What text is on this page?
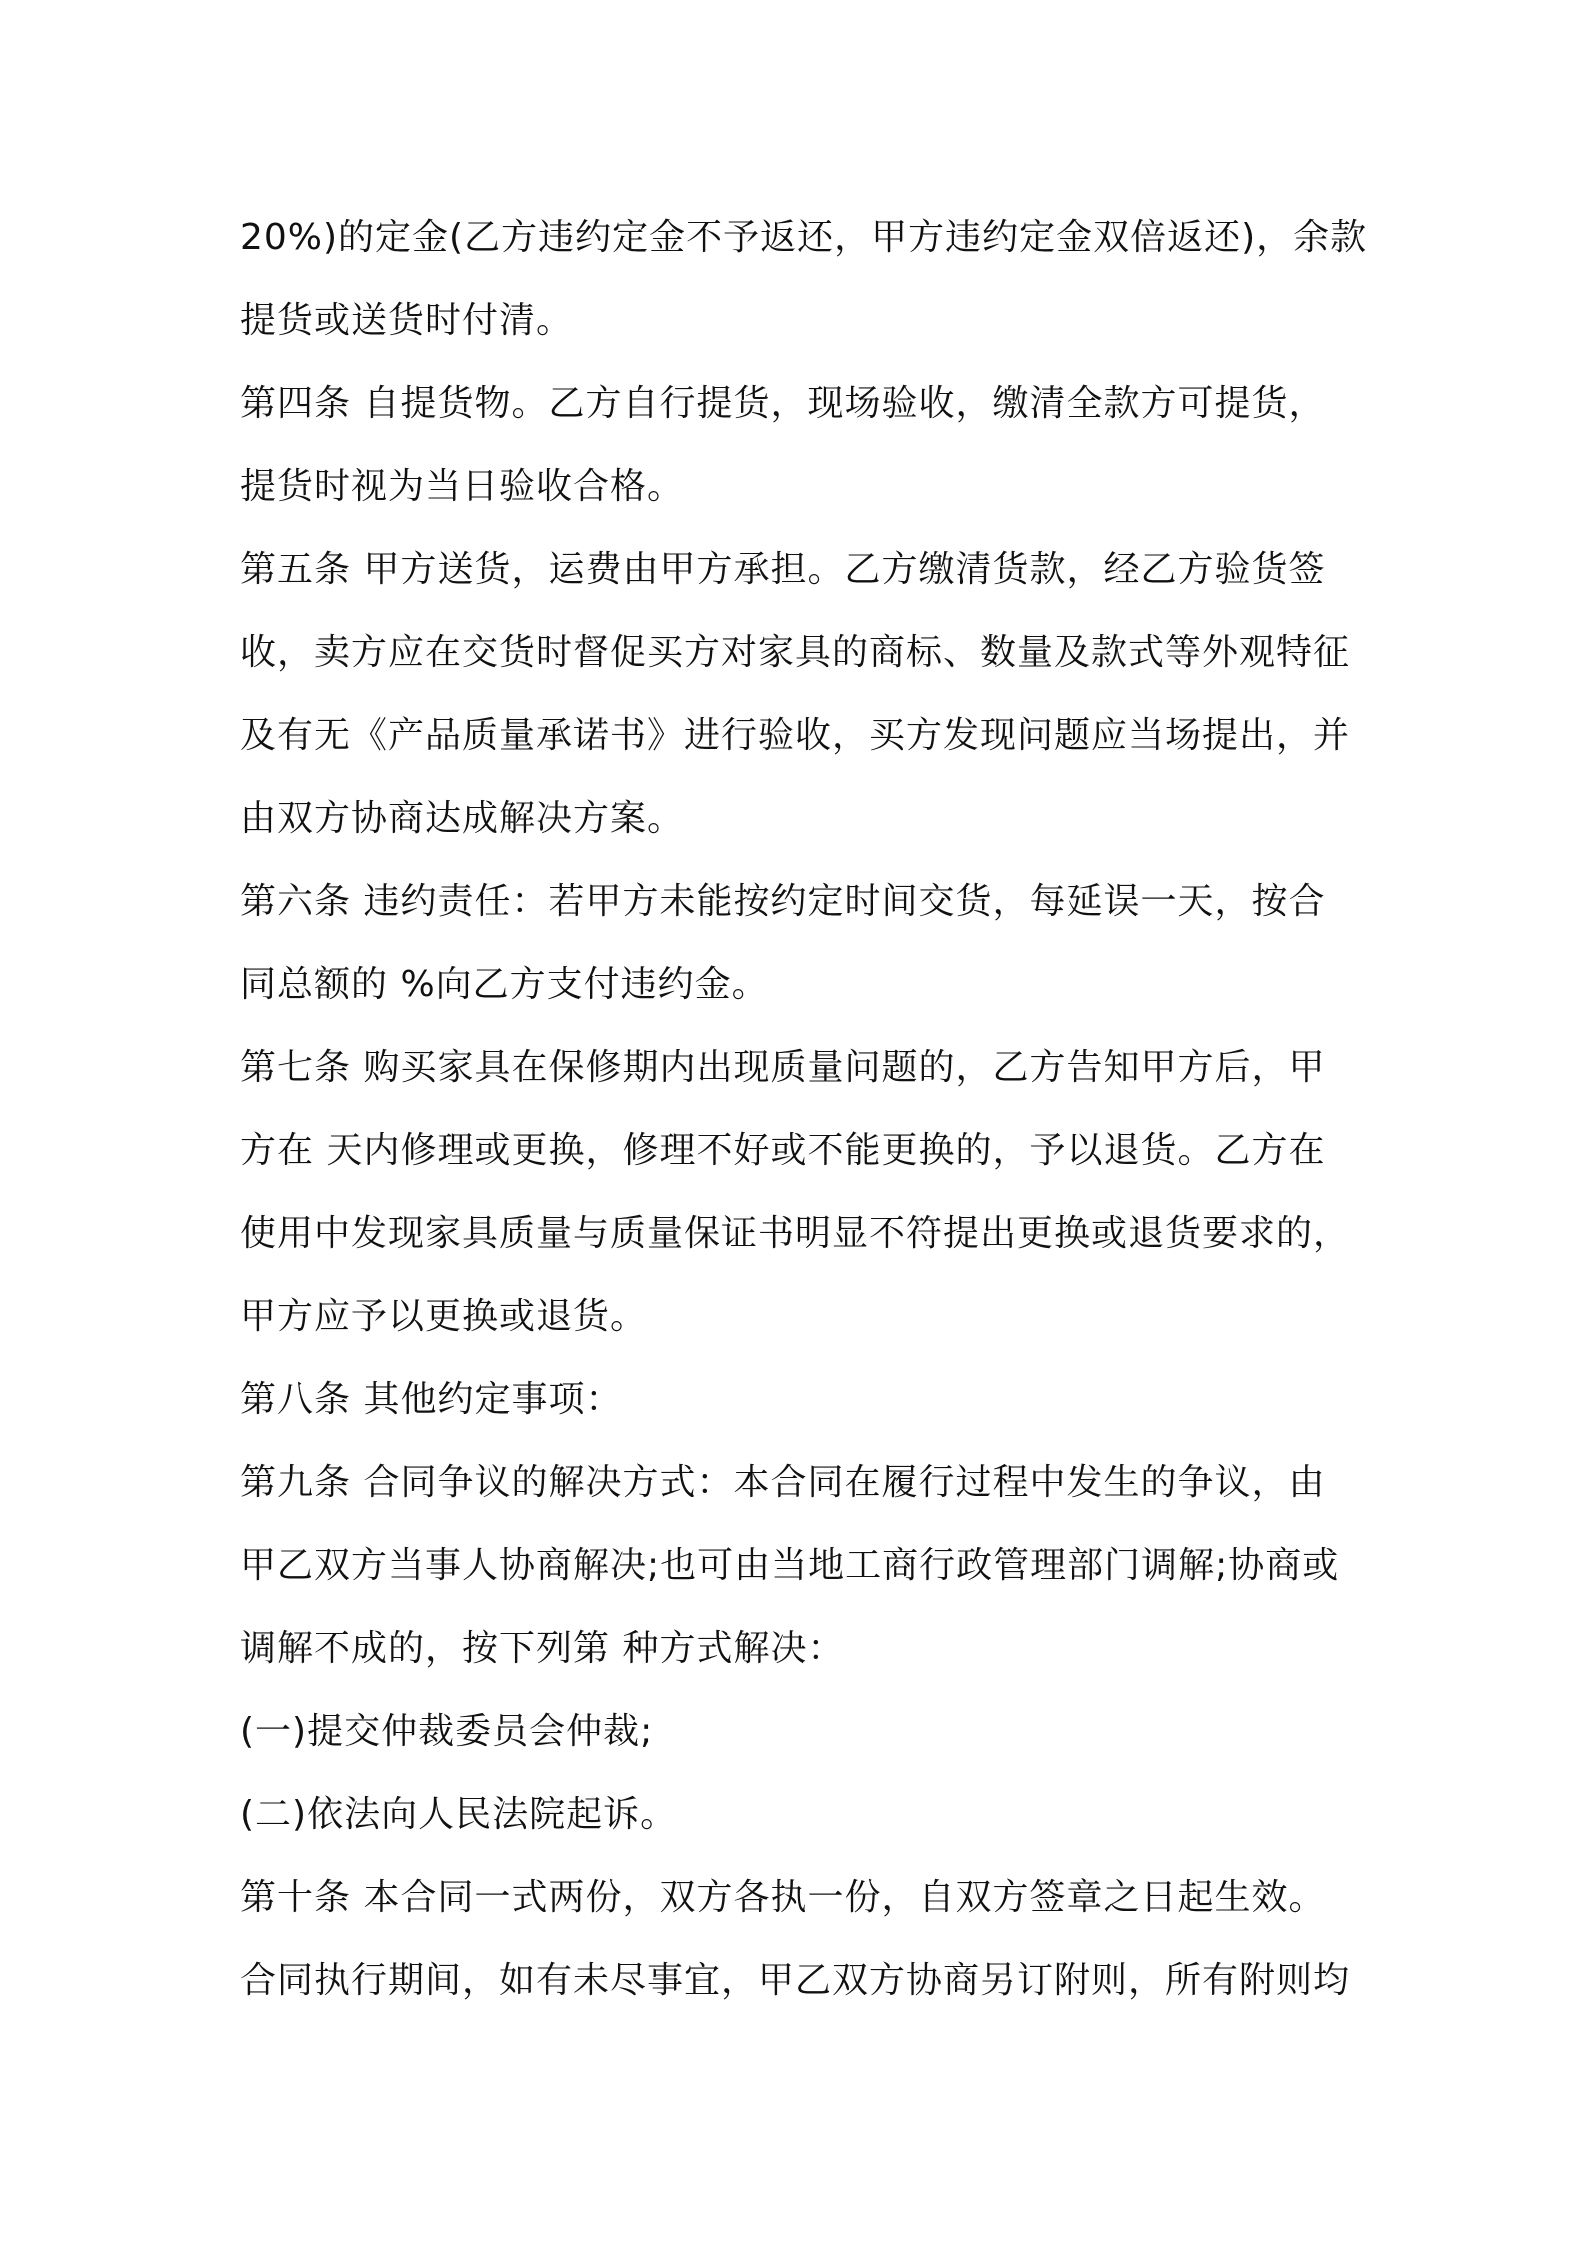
20%)的定金(乙方违约定金不予返还，甲方违约定金双倍返还)，余款
提货或送货时付清。
第四条 自提货物。乙方自行提货，现场验收，缴清全款方可提货，
提货时视为当日验收合格。
第五条 甲方送货，运费由甲方承担。乙方缴清货款，经乙方验货签
收，卖方应在交货时督促买方对家具的商标、数量及款式等外观特征
及有无《产品质量承诺书》进行验收，买方发现问题应当场提出，并
由双方协商达成解决方案。
第六条 违约责任：若甲方未能按约定时间交货，每延误一天，按合
同总额的 %向乙方支付违约金。
第七条 购买家具在保修期内出现质量问题的，乙方告知甲方后，甲
方在 天内修理或更换，修理不好或不能更换的，予以退货。乙方在
使用中发现家具质量与质量保证书明显不符提出更换或退货要求的，
甲方应予以更换或退货。
第八条 其他约定事项：
第九条 合同争议的解决方式：本合同在履行过程中发生的争议，由
甲乙双方当事人协商解决;也可由当地工商行政管理部门调解;协商或
调解不成的，按下列第 种方式解决：
(一)提交仲裁委员会仲裁;
(二)依法向人民法院起诉。
第十条 本合同一式两份，双方各执一份，自双方签章之日起生效。
合同执行期间，如有未尽事宜，甲乙双方协商另订附则，所有附则均
